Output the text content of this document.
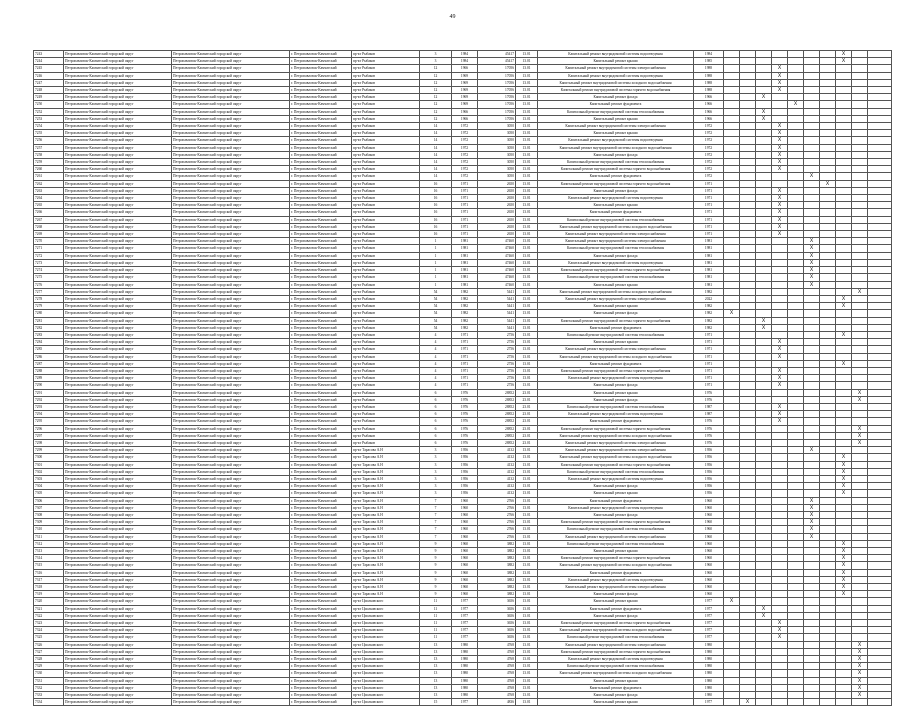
49
7243	Петропавловск-Камчатский городской округ	Петропавловск-Камчатский городской округ	г. Петропавловск-Камчатский	пр-кт Рыбаков	3	1984	45417	13.01	Капитальный ремонт внутридомовой системы водоотведения	1984								X		
7244	Петропавловск-Камчатский городской округ	Петропавловск-Камчатский городской округ	г. Петропавловск-Камчатский	пр-кт Рыбаков	3	1984	45417	13.01	Капитальный ремонт крыши	1985								X		
7245	Петропавловск-Камчатский городской округ	Петропавловск-Камчатский городской округ	г. Петропавловск-Камчатский	пр-кт Рыбаков	12	1966	17056	13.01	Капитальный ремонт внутридомовой системы электроснабжения	1988				X						
7246	Петропавловск-Камчатский городской округ	Петропавловск-Камчатский городской округ	г. Петропавловск-Камчатский	пр-кт Рыбаков	12	1969	17056	13.01	Капитальный ремонт внутридомовой системы водоотведения	1988				X						
7247	Петропавловск-Камчатский городской округ	Петропавловск-Камчатский городской округ	г. Петропавловск-Камчатский	пр-кт Рыбаков	12	1969	17056	13.01	Капитальный ремонт внутридомовой системы холодного водоснабжения	1988				X						
7248	Петропавловск-Камчатский городской округ	Петропавловск-Камчатский городской округ	г. Петропавловск-Камчатский	пр-кт Рыбаков	12	1969	17056	13.01	Капитальный ремонт внутридомовой системы горячего водоснабжения	1988				X						
7249	Петропавловск-Камчатский городской округ	Петропавловск-Камчатский городской округ	г. Петропавловск-Камчатский	пр-кт Рыбаков	12	1969	17056	13.01	Капитальный ремонт фасада	1966			X							
7250	Петропавловск-Камчатский городской округ	Петропавловск-Камчатский городской округ	г. Петропавловск-Камчатский	пр-кт Рыбаков	12	1969	17056	13.01	Капитальный ремонт фундамента	1966					X					
7252	Петропавловск-Камчатский городской округ	Петропавловск-Камчатский городской округ	г. Петропавловск-Камчатский	пр-кт Рыбаков	12	1966	17056	13.01	Капитальный ремонт внутридомовой системы теплоснабжения	1966			X							
7253	Петропавловск-Камчатский городской округ	Петропавловск-Камчатский городской округ	г. Петропавловск-Камчатский	пр-кт Рыбаков	12	1966	17056	13.01	Капитальный ремонт крыши	1966			X							
7254	Петропавловск-Камчатский городской округ	Петропавловск-Камчатский городской округ	г. Петропавловск-Камчатский	пр-кт Рыбаков	14	1972	3050	13.01	Капитальный ремонт внутридомовой системы электроснабжения	1972				X						
7255	Петропавловск-Камчатский городской округ	Петропавловск-Камчатский городской округ	г. Петропавловск-Камчатский	пр-кт Рыбаков	14	1972	3050	13.01	Капитальный ремонт крыши	1972				X						
7256	Петропавловск-Камчатский городской округ	Петропавловск-Камчатский городской округ	г. Петропавловск-Камчатский	пр-кт Рыбаков	14	1972	3050	13.01	Капитальный ремонт внутридомовой системы водоотведения	1972				X						
7257	Петропавловск-Камчатский городской округ	Петропавловск-Камчатский городской округ	г. Петропавловск-Камчатский	пр-кт Рыбаков	14	1972	3050	13.01	Капитальный ремонт внутридомовой системы холодного водоснабжения	1972				X						
7258	Петропавловск-Камчатский городской округ	Петропавловск-Камчатский городской округ	г. Петропавловск-Камчатский	пр-кт Рыбаков	14	1972	3050	13.01	Капитальный ремонт фасада	1972				X						
7259	Петропавловск-Камчатский городской округ	Петропавловск-Камчатский городской округ	г. Петропавловск-Камчатский	пр-кт Рыбаков	14	1972	3050	13.01	Капитальный ремонт внутридомовой системы теплоснабжения	1972				X						
7260	Петропавловск-Камчатский городской округ	Петропавловск-Камчатский городской округ	г. Петропавловск-Камчатский	пр-кт Рыбаков	14	1972	3050	13.01	Капитальный ремонт внутридомовой системы горячего водоснабжения	1972				X						
7261	Петропавловск-Камчатский городской округ	Петропавловск-Камчатский городской округ	г. Петропавловск-Камчатский	пр-кт Рыбаков	14	1972	3050	13.01	Капитальный ремонт фундамента	1972						X				
7262	Петропавловск-Камчатский городской округ	Петропавловск-Камчатский городской округ	г. Петропавловск-Камчатский	пр-кт Рыбаков	16	1971	2650	13.01	Капитальный ремонт внутридомовой системы горячего водоснабжения	1971							X			
7263	Петропавловск-Камчатский городской округ	Петропавловск-Камчатский городской округ	г. Петропавловск-Камчатский	пр-кт Рыбаков	16	1971	2650	13.01	Капитальный ремонт фасада	1971				X						
7264	Петропавловск-Камчатский городской округ	Петропавловск-Камчатский городской округ	г. Петропавловск-Камчатский	пр-кт Рыбаков	16	1971	2650	13.01	Капитальный ремонт внутридомовой системы водоотведения	1971				X						
7265	Петропавловск-Камчатский городской округ	Петропавловск-Камчатский городской округ	г. Петропавловск-Камчатский	пр-кт Рыбаков	16	1971	2650	13.01	Капитальный ремонт крыши	1971				X						
7266	Петропавловск-Камчатский городской округ	Петропавловск-Камчатский городской округ	г. Петропавловск-Камчатский	пр-кт Рыбаков	16	1971	2650	13.01	Капитальный ремонт фундамента	1971				X						
7267	Петропавловск-Камчатский городской округ	Петропавловск-Камчатский городской округ	г. Петропавловск-Камчатский	пр-кт Рыбаков	16	1971	2650	13.01	Капитальный ремонт внутридомовой системы теплоснабжения	1971				X						
7268	Петропавловск-Камчатский городской округ	Петропавловск-Камчатский городской округ	г. Петропавловск-Камчатский	пр-кт Рыбаков	16	1971	2650	13.01	Капитальный ремонт внутридомовой системы холодного водоснабжения	1971				X						
7269	Петропавловск-Камчатский городской округ	Петропавловск-Камчатский городской округ	г. Петропавловск-Камчатский	пр-кт Рыбаков	16	1971	2650	13.01	Капитальный ремонт внутридомовой системы электроснабжения	1971				X						
7270	Петропавловск-Камчатский городской округ	Петропавловск-Камчатский городской округ	г. Петропавловск-Камчатский	пр-кт Рыбаков	1	1981	47460	13.01	Капитальный ремонт внутридомовой системы электроснабжения	1981						X				
7271	Петропавловск-Камчатский городской округ	Петропавловск-Камчатский городской округ	г. Петропавловск-Камчатский	пр-кт Рыбаков	1	1981	47460	13.01	Капитальный ремонт внутридомовой системы теплоснабжения	1981						X				
7272	Петропавловск-Камчатский городской округ	Петропавловск-Камчатский городской округ	г. Петропавловск-Камчатский	пр-кт Рыбаков	1	1981	47460	13.01	Капитальный ремонт фасада	1981						X				
7273	Петропавловск-Камчатский городской округ	Петропавловск-Камчатский городской округ	г. Петропавловск-Камчатский	пр-кт Рыбаков	1	1981	47460	13.01	Капитальный ремонт внутридомовой системы водоотведения	1981						X				
7274	Петропавловск-Камчатский городской округ	Петропавловск-Камчатский городской округ	г. Петропавловск-Камчатский	пр-кт Рыбаков	1	1981	47460	13.01	Капитальный ремонт внутридомовой системы горячего водоснабжения	1981						X				
7275	Петропавловск-Камчатский городской округ	Петропавловск-Камчатский городской округ	г. Петропавловск-Камчатский	пр-кт Рыбаков	1	1981	47460	13.01	Капитальный ремонт внутридомовой системы теплоснабжения	1981						X				
7276	Петропавловск-Камчатский городской округ	Петропавловск-Камчатский городской округ	г. Петропавловск-Камчатский	пр-кт Рыбаков	1	1981	47460	13.01	Капитальный ремонт крыши	1981						X				
7277	Петропавловск-Камчатский городской округ	Петропавловск-Камчатский городской округ	г. Петропавловск-Камчатский	пр-кт Рыбаков	54	1982	5441	13.01	Капитальный ремонт внутридомовой системы холодного водоснабжения	1982									X	
7278	Петропавловск-Камчатский городской округ	Петропавловск-Камчатский городской округ	г. Петропавловск-Камчатский	пр-кт Рыбаков	54	1982	5441	13.01	Капитальный ремонт внутридомовой системы электроснабжения	2022								X		
7279	Петропавловск-Камчатский городской округ	Петропавловск-Камчатский городской округ	г. Петропавловск-Камчатский	пр-кт Рыбаков	54	1982	5441	13.01	Капитальный ремонт крыши	1982								X		
7280	Петропавловск-Камчатский городской округ	Петропавловск-Камчатский городской округ	г. Петропавловск-Камчатский	пр-кт Рыбаков	54	1982	5441	13.01	Капитальный ремонт фасада	1982	X									
7281	Петропавловск-Камчатский городской округ	Петропавловск-Камчатский городской округ	г. Петропавловск-Камчатский	пр-кт Рыбаков	54	1982	5441	13.01	Капитальный ремонт внутридомовой системы горячего водоснабжения	1982			X							
7282	Петропавловск-Камчатский городской округ	Петропавловск-Камчатский городской округ	г. Петропавловск-Камчатский	пр-кт Рыбаков	54	1982	5441	13.01	Капитальный ремонт фундамента	1982			X							
7283	Петропавловск-Камчатский городской округ	Петропавловск-Камчатский городской округ	г. Петропавловск-Камчатский	пр-кт Рыбаков	4	1971	2756	13.01	Капитальный ремонт внутридомовой системы теплоснабжения	1971								X		
7284	Петропавловск-Камчатский городской округ	Петропавловск-Камчатский городской округ	г. Петропавловск-Камчатский	пр-кт Рыбаков	4	1971	2756	13.01	Капитальный ремонт крыши	1971				X						
7285	Петропавловск-Камчатский городской округ	Петропавловск-Камчатский городской округ	г. Петропавловск-Камчатский	пр-кт Рыбаков	4	1971	2756	13.01	Капитальный ремонт внутридомовой системы электроснабжения	1971				X						
7286	Петропавловск-Камчатский городской округ	Петропавловск-Камчатский городской округ	г. Петропавловск-Камчатский	пр-кт Рыбаков	4	1971	2756	13.01	Капитальный ремонт внутридомовой системы холодного водоснабжения	1971				X						
7287	Петропавловск-Камчатский городской округ	Петропавловск-Камчатский городской округ	г. Петропавловск-Камчатский	пр-кт Рыбаков	4	1971	2756	13.01	Капитальный ремонт фундамента	1971								X		
7288	Петропавловск-Камчатский городской округ	Петропавловск-Камчатский городской округ	г. Петропавловск-Камчатский	пр-кт Рыбаков	4	1971	2756	13.01	Капитальный ремонт внутридомовой системы горячего водоснабжения	1971				X						
7289	Петропавловск-Камчатский городской округ	Петропавловск-Камчатский городской округ	г. Петропавловск-Камчатский	пр-кт Рыбаков	4	1971	2756	13.01	Капитальный ремонт внутридомовой системы водоотведения	1971				X						
7290	Петропавловск-Камчатский городской округ	Петропавловск-Камчатский городской округ	г. Петропавловск-Камчатский	пр-кт Рыбаков	4	1971	2756	13.01	Капитальный ремонт фасада	1971				X						
7291	Петропавловск-Камчатский городской округ	Петропавловск-Камчатский городской округ	г. Петропавловск-Камчатский	пр-кт Рыбаков	6	1976	28852	23.01	Капитальный ремонт крыши	1976									X	
7292	Петропавловск-Камчатский городской округ	Петропавловск-Камчатский городской округ	г. Петропавловск-Камчатский	пр-кт Рыбаков	6	1976	28852	23.01	Капитальный ремонт фасада	1976									X	
7293	Петропавловск-Камчатский городской округ	Петропавловск-Камчатский городской округ	г. Петропавловск-Камчатский	пр-кт Рыбаков	6	1976	28852	23.01	Капитальный ремонт внутридомовой системы теплоснабжения	1987				X						
7294	Петропавловск-Камчатский городской округ	Петропавловск-Камчатский городской округ	г. Петропавловск-Камчатский	пр-кт Рыбаков	6	1976	28852	23.01	Капитальный ремонт внутридомовой системы водоотведения	1987				X						
7295	Петропавловск-Камчатский городской округ	Петропавловск-Камчатский городской округ	г. Петропавловск-Камчатский	пр-кт Рыбаков	6	1976	28852	23.01	Капитальный ремонт фундамента	1976				X						
7296	Петропавловск-Камчатский городской округ	Петропавловск-Камчатский городской округ	г. Петропавловск-Камчатский	пр-кт Рыбаков	6	1976	28852	23.01	Капитальный ремонт внутридомовой системы горячего водоснабжения	1976									X	
7297	Петропавловск-Камчатский городской округ	Петропавловск-Камчатский городской округ	г. Петропавловск-Камчатский	пр-кт Рыбаков	6	1976	28852	23.01	Капитальный ремонт внутридомовой системы холодного водоснабжения	1976									X	
7298	Петропавловск-Камчатский городской округ	Петропавловск-Камчатский городской округ	г. Петропавловск-Камчатский	пр-кт Рыбаков	6	1976	28852	23.01	Капитальный ремонт внутридомовой системы электроснабжения	1976									X	
7299	Петропавловск-Камчатский городской округ	Петропавловск-Камчатский городской округ	г. Петропавловск-Камчатский	пр-кт Тарасова А.Н	3	1956	4132	13.01	Капитальный ремонт внутридомовой системы электроснабжения	1956						X				
7300	Петропавловск-Камчатский городской округ	Петропавловск-Камчатский городской округ	г. Петропавловск-Камчатский	пр-кт Тарасова А.Н	3	1956	4132	13.01	Капитальный ремонт внутридомовой системы холодного водоснабжения	1956								X		
7301	Петропавловск-Камчатский городской округ	Петропавловск-Камчатский городской округ	г. Петропавловск-Камчатский	пр-кт Тарасова А.Н	3	1956	4132	13.01	Капитальный ремонт внутридомовой системы горячего водоснабжения	1956								X		
7302	Петропавловск-Камчатский городской округ	Петропавловск-Камчатский городской округ	г. Петропавловск-Камчатский	пр-кт Тарасова А.Н	3	1956	4132	13.01	Капитальный ремонт внутридомовой системы теплоснабжения	1956								X		
7303	Петропавловск-Камчатский городской округ	Петропавловск-Камчатский городской округ	г. Петропавловск-Камчатский	пр-кт Тарасова А.Н	3	1956	4132	13.01	Капитальный ремонт внутридомовой системы водоотведения	1956								X		
7304	Петропавловск-Камчатский городской округ	Петропавловск-Камчатский городской округ	г. Петропавловск-Камчатский	пр-кт Тарасова А.Н	3	1956	4132	13.01	Капитальный ремонт фасада	1956								X		
7305	Петропавловск-Камчатский городской округ	Петропавловск-Камчатский городской округ	г. Петропавловск-Камчатский	пр-кт Тарасова А.Н	3	1956	4132	13.01	Капитальный ремонт крыши	1956								X		
7306	Петропавловск-Камчатский городской округ	Петропавловск-Камчатский городской округ	г. Петропавловск-Камчатский	пр-кт Тарасова А.Н	7	1960	2766	13.01	Капитальный ремонт фундамента	1960						X				
7307	Петропавловск-Камчатский городской округ	Петропавловск-Камчатский городской округ	г. Петропавловск-Камчатский	пр-кт Тарасова А.Н	7	1960	2766	13.01	Капитальный ремонт внутридомовой системы водоотведения	1960						X				
7308	Петропавловск-Камчатский городской округ	Петропавловск-Камчатский городской округ	г. Петропавловск-Камчатский	пр-кт Тарасова А.Н	7	1960	2766	13.01	Капитальный ремонт фасада	1960						X				
7309	Петропавловск-Камчатский городской округ	Петропавловск-Камчатский городской округ	г. Петропавловск-Камчатский	пр-кт Тарасова А.Н	7	1960	2766	13.01	Капитальный ремонт внутридомовой системы горячего водоснабжения	1960						X				
7310	Петропавловск-Камчатский городской округ	Петропавловск-Камчатский городской округ	г. Петропавловск-Камчатский	пр-кт Тарасова А.Н	7	1960	2766	13.01	Капитальный ремонт внутридомовой системы теплоснабжения	1960						X				
7311	Петропавловск-Камчатский городской округ	Петропавловск-Камчатский городской округ	г. Петропавловск-Камчатский	пр-кт Тарасова А.Н	7	1960	2766	13.01	Капитальный ремонт внутридомовой системы электроснабжения	1960						X				
7312	Петропавловск-Камчатский городской округ	Петропавловск-Камчатский городской округ	г. Петропавловск-Камчатский	пр-кт Тарасова А.Н	9	1960	3882	13.01	Капитальный ремонт внутридомовой системы теплоснабжения	1960								X		
7313	Петропавловск-Камчатский городской округ	Петропавловск-Камчатский городской округ	г. Петропавловск-Камчатский	пр-кт Тарасова А.Н	9	1960	3882	13.01	Капитальный ремонт крыши	1960								X		
7314	Петропавловск-Камчатский городской округ	Петропавловск-Камчатский городской округ	г. Петропавловск-Камчатский	пр-кт Тарасова А.Н	9	1960	3882	13.01	Капитальный ремонт внутридомовой системы горячего водоснабжения	1960								X		
7315	Петропавловск-Камчатский городской округ	Петропавловск-Камчатский городской округ	г. Петропавловск-Камчатский	пр-кт Тарасова А.Н	9	1960	3882	13.01	Капитальный ремонт внутридомовой системы холодного водоснабжения	1960								X		
7316	Петропавловск-Камчатский городской округ	Петропавловск-Камчатский городской округ	г. Петропавловск-Камчатский	пр-кт Тарасова А.Н	9	1960	3882	13.01	Капитальный ремонт фундамента	1960								X		
7317	Петропавловск-Камчатский городской округ	Петропавловск-Камчатский городской округ	г. Петропавловск-Камчатский	пр-кт Тарасова А.Н	9	1960	3882	13.01	Капитальный ремонт внутридомовой системы водоотведения	1960								X		
7318	Петропавловск-Камчатский городской округ	Петропавловск-Камчатский городской округ	г. Петропавловск-Камчатский	пр-кт Тарасова А.Н	9	1960	3882	13.01	Капитальный ремонт внутридомовой системы электроснабжения	1960								X		
7319	Петропавловск-Камчатский городской округ	Петропавловск-Камчатский городской округ	г. Петропавловск-Камчатский	пр-кт Тарасова А.Н	9	1960	3882	13.01	Капитальный ремонт фасада	1960								X		
7320	Петропавловск-Камчатский городской округ	Петропавловск-Камчатский городской округ	г. Петропавловск-Камчатский	пр-кт Циолковского	11	1977	3656	13.01	Капитальный ремонт крыши	1977	X									
7321	Петропавловск-Камчатский городской округ	Петропавловск-Камчатский городской округ	г. Петропавловск-Камчатский	пр-кт Циолковского	11	1977	3656	13.01	Капитальный ремонт фундамента	1977			X							
7322	Петропавловск-Камчатский городской округ	Петропавловск-Камчатский городской округ	г. Петропавловск-Камчатский	пр-кт Циолковского	11	1977	3656	13.01	Капитальный ремонт фасада	1977			X							
7323	Петропавловск-Камчатский городской округ	Петропавловск-Камчатский городской округ	г. Петропавловск-Камчатский	пр-кт Циолковского	11	1977	3656	13.01	Капитальный ремонт внутридомовой системы горячего водоснабжения	1977				X						
7324	Петропавловск-Камчатский городской округ	Петропавловск-Камчатский городской округ	г. Петропавловск-Камчатский	пр-кт Циолковского	11	1977	3656	13.01	Капитальный ремонт внутридомовой системы холодного водоснабжения	1977				X						
7325	Петропавловск-Камчатский городской округ	Петропавловск-Камчатский городской округ	г. Петропавловск-Камчатский	пр-кт Циолковского	11	1977	3656	13.01	Капитальный ремонт внутридомовой системы теплоснабжения	1977				X						
7326	Петропавловск-Камчатский городской округ	Петропавловск-Камчатский городской округ	г. Петропавловск-Камчатский	пр-кт Циолковского	13	1980	4768	13.01	Капитальный ремонт внутридомовой системы электроснабжения	1980									X	
7327	Петропавловск-Камчатский городской округ	Петропавловск-Камчатский городской округ	г. Петропавловск-Камчатский	пр-кт Циолковского	13	1980	4768	13.01	Капитальный ремонт внутридомовой системы горячего водоснабжения	1980									X	
7328	Петропавловск-Камчатский городской округ	Петропавловск-Камчатский городской округ	г. Петропавловск-Камчатский	пр-кт Циолковского	13	1980	4768	13.01	Капитальный ремонт внутридомовой системы водоотведения	1980									X	
7329	Петропавловск-Камчатский городской округ	Петропавловск-Камчатский городской округ	г. Петропавловск-Камчатский	пр-кт Циолковского	13	1980	4768	13.01	Капитальный ремонт внутридомовой системы теплоснабжения	1980									X	
7330	Петропавловск-Камчатский городской округ	Петропавловск-Камчатский городской округ	г. Петропавловск-Камчатский	пр-кт Циолковского	13	1980	4768	13.01	Капитальный ремонт внутридомовой системы холодного водоснабжения	1980									X	
7331	Петропавловск-Камчатский городской округ	Петропавловск-Камчатский городской округ	г. Петропавловск-Камчатский	пр-кт Циолковского	13	1980	4768	13.01	Капитальный ремонт крыши	1980									X	
7332	Петропавловск-Камчатский городской округ	Петропавловск-Камчатский городской округ	г. Петропавловск-Камчатский	пр-кт Циолковского	13	1980	4768	13.01	Капитальный ремонт фундамента	1980									X	
7333	Петропавловск-Камчатский городской округ	Петропавловск-Камчатский городской округ	г. Петропавловск-Камчатский	пр-кт Циолковского	13	1980	4768	13.01	Капитальный ремонт фасада	1980									X	
7334	Петропавловск-Камчатский городской округ	Петропавловск-Камчатский городской округ	г. Петропавловск-Камчатский	пр-кт Циолковского	15	1977	4836	13.01	Капитальный ремонт крыши	1977		X								
